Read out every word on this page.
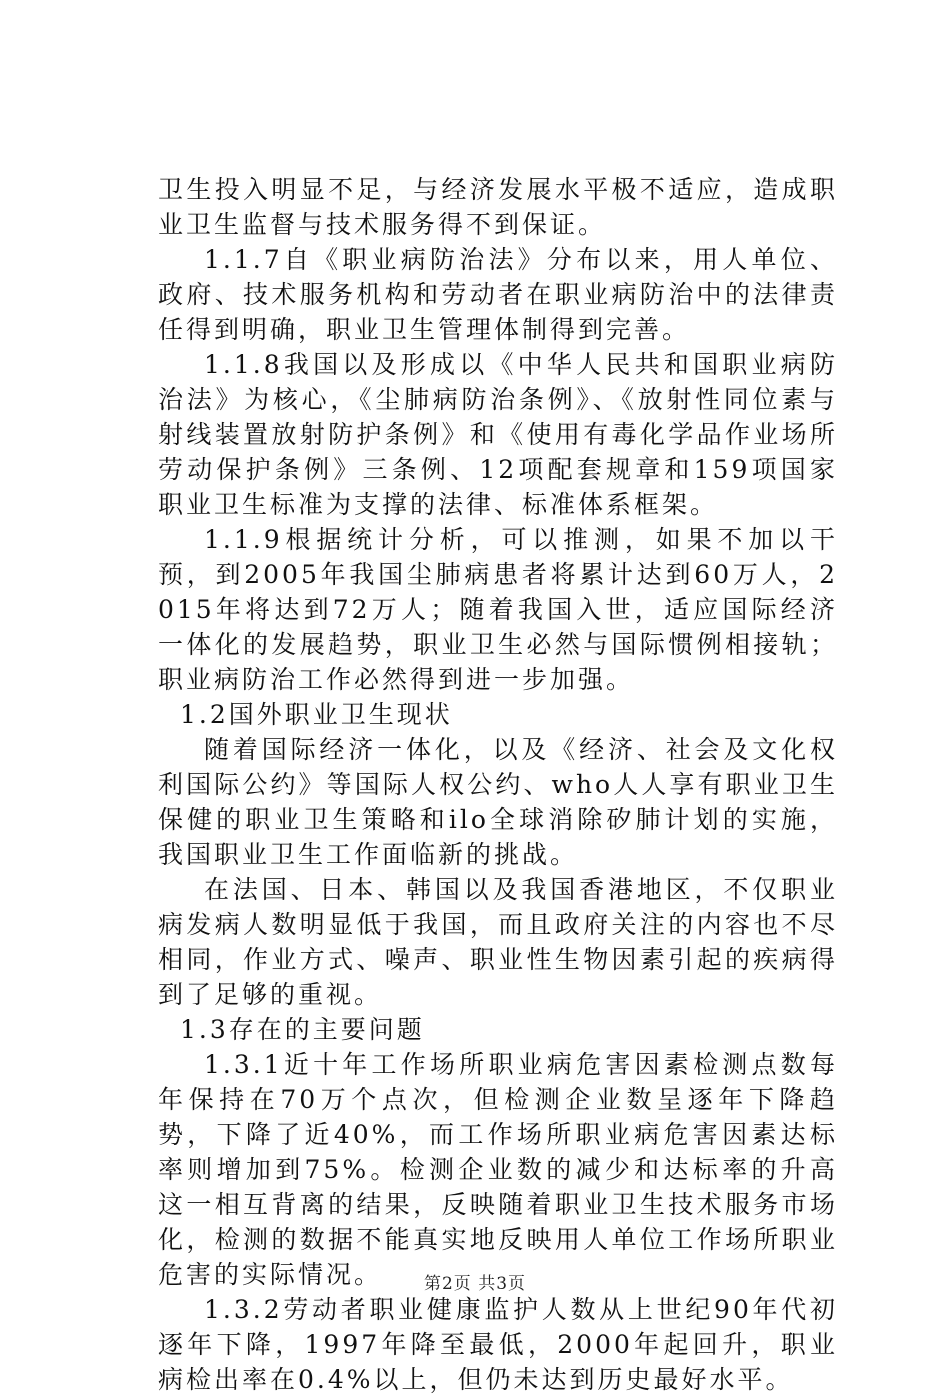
卫生投入明显不足，与经济发展水平极不适应，造成职业卫生监督与技术服务得不到保证。

1.1.7自《职业病防治法》分布以来，用人单位、政府、技术服务机构和劳动者在职业病防治中的法律责任得到明确，职业卫生管理体制得到完善。

1.1.8我国以及形成以《中华人民共和国职业病防治法》为核心，《尘肺病防治条例》、《放射性同位素与射线装置放射防护条例》和《使用有毒化学品作业场所劳动保护条例》三条例、12项配套规章和159项国家职业卫生标准为支撑的法律、标准体系框架。

1.1.9根据统计分析，可以推测，如果不加以干预，到2005年我国尘肺病患者将累计达到60万人，2015年将达到72万人；随着我国入世，适应国际经济一体化的发展趋势，职业卫生必然与国际惯例相接轨；职业病防治工作必然得到进一步加强。

1.2国外职业卫生现状

随着国际经济一体化，以及《经济、社会及文化权利国际公约》等国际人权公约、who人人享有职业卫生保健的职业卫生策略和ilo全球消除矽肺计划的实施，我国职业卫生工作面临新的挑战。

在法国、日本、韩国以及我国香港地区，不仅职业病发病人数明显低于我国，而且政府关注的内容也不尽相同，作业方式、噪声、职业性生物因素引起的疾病得到了足够的重视。

1.3存在的主要问题

1.3.1近十年工作场所职业病危害因素检测点数每年保持在70万个点次，但检测企业数呈逐年下降趋势，下降了近40%，而工作场所职业病危害因素达标率则增加到75%。检测企业数的减少和达标率的升高这一相互背离的结果，反映随着职业卫生技术服务市场化，检测的数据不能真实地反映用人单位工作场所职业危害的实际情况。

1.3.2劳动者职业健康监护人数从上世纪90年代初逐年下降，1997年降至最低，2000年起回升，职业病检出率在0.4%以上，但仍未达到历史最好水平。

第2页 共3页
